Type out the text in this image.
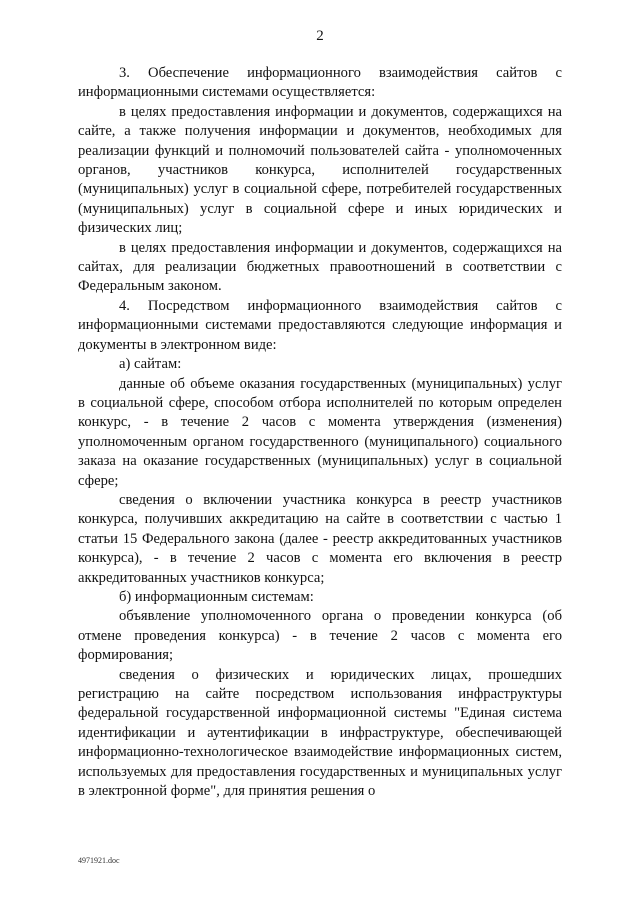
2

3. Обеспечение информационного взаимодействия сайтов с информационными системами осуществляется:

в целях предоставления информации и документов, содержащихся на сайте, а также получения информации и документов, необходимых для реализации функций и полномочий пользователей сайта - уполномоченных органов, участников конкурса, исполнителей государственных (муниципальных) услуг в социальной сфере, потребителей государственных (муниципальных) услуг в социальной сфере и иных юридических и физических лиц;

в целях предоставления информации и документов, содержащихся на сайтах, для реализации бюджетных правоотношений в соответствии с Федеральным законом.

4. Посредством информационного взаимодействия сайтов с информационными системами предоставляются следующие информация и документы в электронном виде:

а) сайтам:

данные об объеме оказания государственных (муниципальных) услуг в социальной сфере, способом отбора исполнителей по которым определен конкурс, - в течение 2 часов с момента утверждения (изменения) уполномоченным органом государственного (муниципального) социального заказа на оказание государственных (муниципальных) услуг в социальной сфере;

сведения о включении участника конкурса в реестр участников конкурса, получивших аккредитацию на сайте в соответствии с частью 1 статьи 15 Федерального закона (далее - реестр аккредитованных участников конкурса), - в течение 2 часов с момента его включения в реестр аккредитованных участников конкурса;

б) информационным системам:

объявление уполномоченного органа о проведении конкурса (об отмене проведения конкурса) - в течение 2 часов с момента его формирования;

сведения о физических и юридических лицах, прошедших регистрацию на сайте посредством использования инфраструктуры федеральной государственной информационной системы "Единая система идентификации и аутентификации в инфраструктуре, обеспечивающей информационно-технологическое взаимодействие информационных систем, используемых для предоставления государственных и муниципальных услуг в электронной форме", для принятия решения о

4971921.doc
